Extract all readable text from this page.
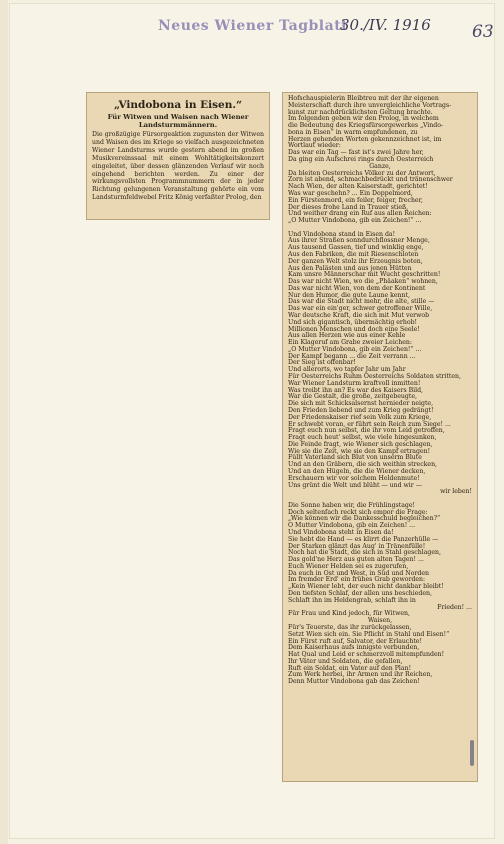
Neues Wiener Tagblatt
30./IV. 1916 63
„Vindobona in Eisen.“
Für Witwen und Waisen nach Wiener Landsturmmännern.

Die großzügige Fürsorgeaktion zugunsten der Witwen und Waisen des im Kriege so vielfach ausgezeichneten Wiener Landsturms wurde gestern abend im großen Musikvereinssaal mit einem Wohltätigkeitskonzert eingeleitet, über dessen glänzenden Verlauf wir noch eingehend berichten werden. Zu einer der wirkungsvollsten Programmnummern der in jeder Richtung gelungenen Veranstaltung gehörte ein vom Landsturmfeldwebel Fritz König verfaßter Prolog, den

Hofschauspielerin Bleibtreu mit der ihr eigenen
Meisterschaft durch ihre unvergleichliche Vortrags-
kunst zur nachdrücklichsten Geltung brachte.
Im folgenden geben wir den Prolog, in welchem
die Bedeutung des Kriegsfürsorgewerkes „Vindo-
bona in Eisen“ in warm empfundenen, zu
Herzen gehenden Worten gekennzeichnet ist, im
Wortlaut wieder:
Das war ein Tag — fast ist's zwei Jahre her,
Da ging ein Aufschrei rings durch Oesterreich
Ganze,
Da bleiten Oesterreichs Völker zu der Antwort,
Zorn ist abend, schmachbedrückt und tränenschwer
Nach Wien, der alten Kaiserstadt, gerichtet!
Was war geschehn? ... Ein Doppelmord,
Ein Fürstenmord, ein feiler, feiger, frecher,
Der dieses frohe Land in Trauer stieß,
Und weither drang ein Ruf aus allen Reichen:
„O Mutter Vindobona, gib ein Zeichen!“ ...

Und Vindobona stand in Eisen da!
Aus ihrer Straßen sonndurchflossner Menge,
Aus tausend Gassen, tief und winklig enge,
Aus den Fabriken, die mit Riesenschloten
Der ganzen Welt stolz ihr Erzeugnis boten,
Aus den Palästen und aus jenen Hütten
Kam unsre Männerschar mit Wucht geschritten!
Das war nicht Wien, wo die „Phäaken“ wohnen,
Das war nicht Wien, von dem der Kontinent
Nur den Humor, die gute Laune kennt,
Das war die Stadt nicht mehr, die alte, stille —
Das war ein ein'ger, schwer getroffener Wille,
War deutsche Kraft, die sich mit Mut verwob
Und sich gigantisch, übermächtig erhob!
Millionen Menschen und doch eine Seele!
Aus allen Herzen wie aus einer Kehle
Ein Klageruf am Grabe zweier Leichen:
„O Mutter Vindobona, gib ein Zeichen!“ ...
Der Kampf begann ... die Zeit verrann ...
Der Sieg ist offenbar!
Und allerorts, wo tapfer Jahr um Jahr
Für Oesterreichs Ruhm Oesterreichs Soldaten stritten,
War Wiener Landsturm kraftvoll inmitten!
Was treibt ihn an? Es war des Kaisers Bild,
War die Gestalt, die große, zeitgebeugte,
Die sich mit Schicksalsernst hernieder neigte,
Den Frieden liebend und zum Krieg gedrängt!
Der Friedenskaiser rief sein Volk zum Kriege,
Er schwebt voran, er führt sein Reich zum Siege! ...
Fragt euch nun selbst, die ihr vom Leid getroffen,
Fragt euch heut' selbst, wie viele hingesunken,
Die Feinde fragt, wie Wiener sich geschlagen,
Wie sie die Zeit, wie sie den Kampf ertragen!
Füllt Vaterland sich Blut von unserm Blute
Und an den Gräbern, die sich weithin strecken,
Und an den Hügeln, die die Wiener decken,
Erschauern wir vor solchem Heldenmute!
Uns grünt die Welt und blüht — und wir —
wir leben!

Die Sonne haben wir, die Frühlingstage!
Doch seltenfach reckt sich empor die Frage:
„Wie können wir die Dankesschuld begleichen?“
O Mutter Vindobona, gib ein Zeichen! ...
Und Vindobona steht in Eisen da!
Sie hebt die Hand — es klirrt die Panzerhülle —
Der Starken glänzt das Aug' in Tränenfülle!
Noch hat die Stadt, die sich in Stahl geschlagen,
Das gold'ne Herz aus guten alten Tagen! ...
Euch Wiener Helden sei es zugerufen,
Da euch in Ost und West, in Süd und Norden
Im fremder Erd' ein frühes Grab geworden:
„Kein Wiener lebt, der euch nicht dankbar bleibt!
Den tiefsten Schlaf, der allen uns beschieden,
Schlaft ihn im Heldengrab, schlaft ihn in
Frieden! ...
Für Frau und Kind jedoch, für Witwen,
Waisen,
Für's Teuerste, das ihr zurückgelassen,
Setzt Wien sich ein. Sie Pflicht in Stahl und Eisen!“
Ein Fürst ruft auf, Salvator, der Erlauchte!
Dem Kaiserhaus aufs innigste verbunden,
Hat Qual und Leid er schmerzvoll mitempfunden!
Ihr Väter und Soldaten, die gefallen,
Ruft ein Soldat, ein Vater auf den Plan!
Zum Werk herbei, ihr Armen und ihr Reichen,
Denn Mutter Vindobona gab das Zeichen!
